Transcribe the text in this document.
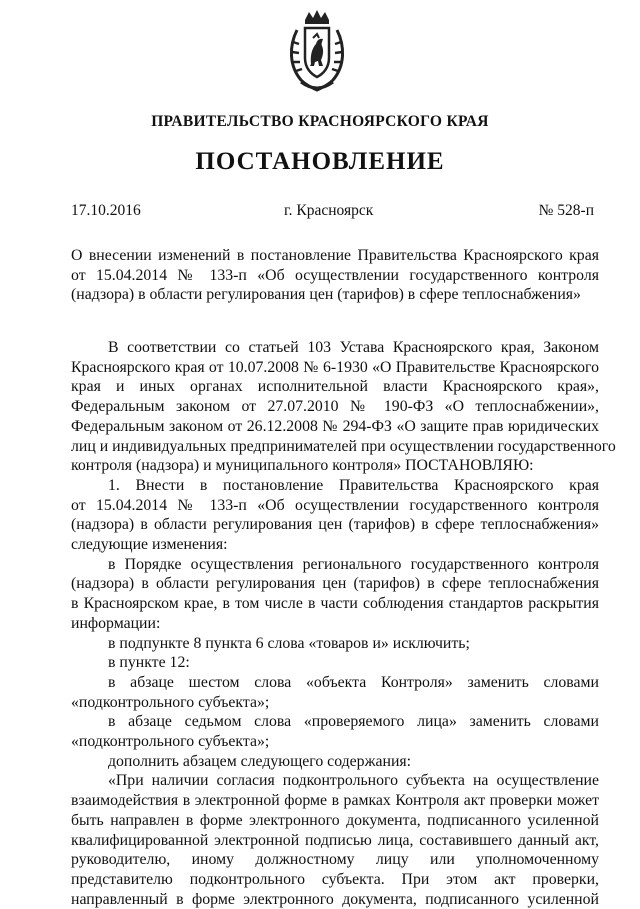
ПРАВИТЕЛЬСТВО КРАСНОЯРСКОГО КРАЯ
ПОСТАНОВЛЕНИЕ
17.10.2016	г. Красноярск	№ 528-п
О внесении изменений в постановление Правительства Красноярского края
от 15.04.2014 № 133-п «Об осуществлении государственного контроля
(надзора) в области регулирования цен (тарифов) в сфере теплоснабжения»
В соответствии со статьей 103 Устава Красноярского края, Законом
Красноярского края от 10.07.2008 № 6-1930 «О Правительстве Красноярского
края и иных органах исполнительной власти Красноярского края»,
Федеральным законом от 27.07.2010 № 190-ФЗ «О теплоснабжении»,
Федеральным законом от 26.12.2008 № 294-ФЗ «О защите прав юридических
лиц и индивидуальных предпринимателей при осуществлении государственного
контроля (надзора) и муниципального контроля» ПОСТАНОВЛЯЮ:
1. Внести в постановление Правительства Красноярского края
от 15.04.2014 № 133-п «Об осуществлении государственного контроля
(надзора) в области регулирования цен (тарифов) в сфере теплоснабжения»
следующие изменения:
в Порядке осуществления регионального государственного контроля
(надзора) в области регулирования цен (тарифов) в сфере теплоснабжения
в Красноярском крае, в том числе в части соблюдения стандартов раскрытия
информации:
в подпункте 8 пункта 6 слова «товаров и» исключить;
в пункте 12:
в абзаце шестом слова «объекта Контроля» заменить словами
«подконтрольного субъекта»;
в абзаце седьмом слова «проверяемого лица» заменить словами
«подконтрольного субъекта»;
дополнить абзацем следующего содержания:
«При наличии согласия подконтрольного субъекта на осуществление
взаимодействия в электронной форме в рамках Контроля акт проверки может
быть направлен в форме электронного документа, подписанного усиленной
квалифицированной электронной подписью лица, составившего данный акт,
руководителю, иному должностному лицу или уполномоченному
представителю подконтрольного субъекта. При этом акт проверки,
направленный в форме электронного документа, подписанного усиленной
